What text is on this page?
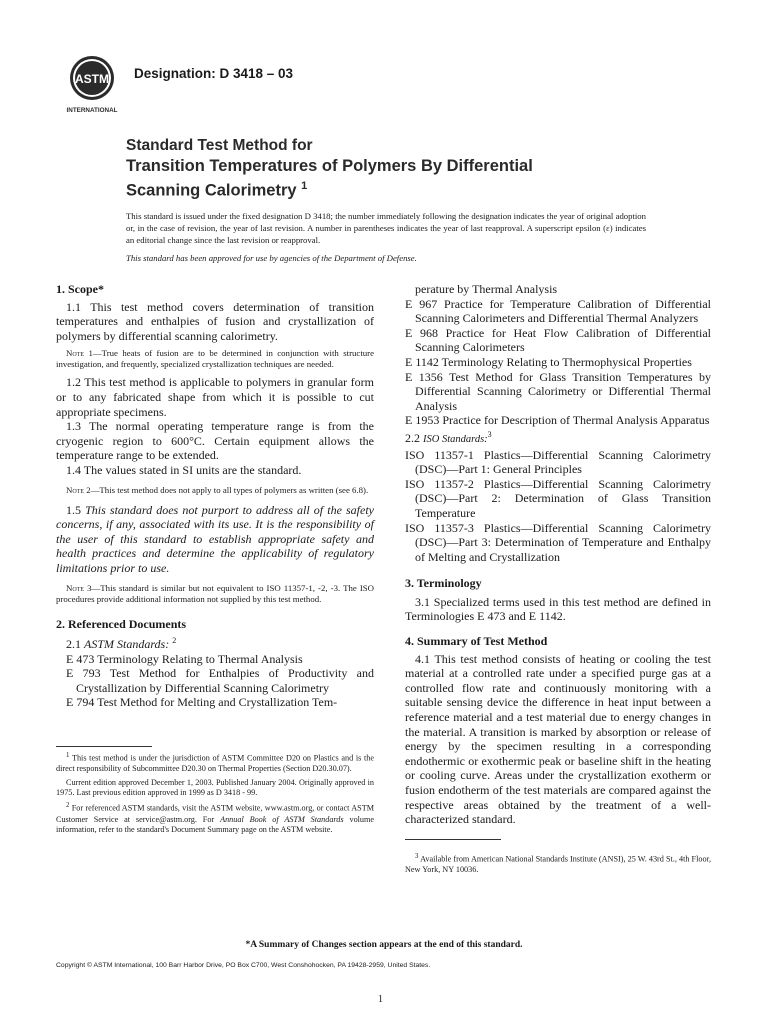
ASTM
INTERNATIONAL
Designation: D 3418 – 03
Standard Test Method for
Transition Temperatures of Polymers By Differential
Scanning Calorimetry $^1$
This standard is issued under the fixed designation D 3418; the number immediately following the designation indicates the year of original adoption or, in the case of revision, the year of last revision. A number in parentheses indicates the year of last reapproval. A superscript epsilon (ε) indicates an editorial change since the last revision or reapproval.
This standard has been approved for use by agencies of the Department of Defense.

1. Scope*

1.1 This test method covers determination of transition temperatures and enthalpies of fusion and crystallization of polymers by differential scanning calorimetry.

Note 1—True heats of fusion are to be determined in conjunction with structure investigation, and frequently, specialized crystallization techniques are needed.

1.2 This test method is applicable to polymers in granular form or to any fabricated shape from which it is possible to cut appropriate specimens.

1.3 The normal operating temperature range is from the cryogenic region to 600°C. Certain equipment allows the temperature range to be extended.

1.4 The values stated in SI units are the standard.

Note 2—This test method does not apply to all types of polymers as written (see 6.8).

1.5 This standard does not purport to address all of the safety concerns, if any, associated with its use. It is the responsibility of the user of this standard to establish appropriate safety and health practices and determine the applicability of regulatory limitations prior to use.

Note 3—This standard is similar but not equivalent to ISO 11357-1, -2, -3. The ISO procedures provide additional information not supplied by this test method.

2. Referenced Documents

2.1 ASTM Standards: $^2$

E 473 Terminology Relating to Thermal Analysis

E 793 Test Method for Enthalpies of Productivity and Crystallization by Differential Scanning Calorimetry

E 794 Test Method for Melting and Crystallization Tem-

$^1$ This test method is under the jurisdiction of ASTM Committee D20 on Plastics and is the direct responsibility of Subcommittee D20.30 on Thermal Properties (Section D20.30.07).

Current edition approved December 1, 2003. Published January 2004. Originally approved in 1975. Last previous edition approved in 1999 as D 3418 - 99.

$^2$ For referenced ASTM standards, visit the ASTM website, www.astm.org, or contact ASTM Customer Service at service@astm.org. For Annual Book of ASTM Standards volume information, refer to the standard's Document Summary page on the ASTM website.

perature by Thermal Analysis

E 967 Practice for Temperature Calibration of Differential Scanning Calorimeters and Differential Thermal Analyzers

E 968 Practice for Heat Flow Calibration of Differential Scanning Calorimeters

E 1142 Terminology Relating to Thermophysical Properties

E 1356 Test Method for Glass Transition Temperatures by Differential Scanning Calorimetry or Differential Thermal Analysis

E 1953 Practice for Description of Thermal Analysis Apparatus

2.2 ISO Standards:$^3$

ISO 11357-1 Plastics—Differential Scanning Calorimetry (DSC)—Part 1: General Principles

ISO 11357-2 Plastics—Differential Scanning Calorimetry (DSC)—Part 2: Determination of Glass Transition Temperature

ISO 11357-3 Plastics—Differential Scanning Calorimetry (DSC)—Part 3: Determination of Temperature and Enthalpy of Melting and Crystallization

3. Terminology

3.1 Specialized terms used in this test method are defined in Terminologies E 473 and E 1142.

4. Summary of Test Method

4.1 This test method consists of heating or cooling the test material at a controlled rate under a specified purge gas at a controlled flow rate and continuously monitoring with a suitable sensing device the difference in heat input between a reference material and a test material due to energy changes in the material. A transition is marked by absorption or release of energy by the specimen resulting in a corresponding endothermic or exothermic peak or baseline shift in the heating or cooling curve. Areas under the crystallization exotherm or fusion endotherm of the test materials are compared against the respective areas obtained by the treatment of a well-characterized standard.

$^3$ Available from American National Standards Institute (ANSI), 25 W. 43rd St., 4th Floor, New York, NY 10036.

*A Summary of Changes section appears at the end of this standard.
Copyright © ASTM International, 100 Barr Harbor Drive, PO Box C700, West Conshohocken, PA 19428-2959, United States.
1
